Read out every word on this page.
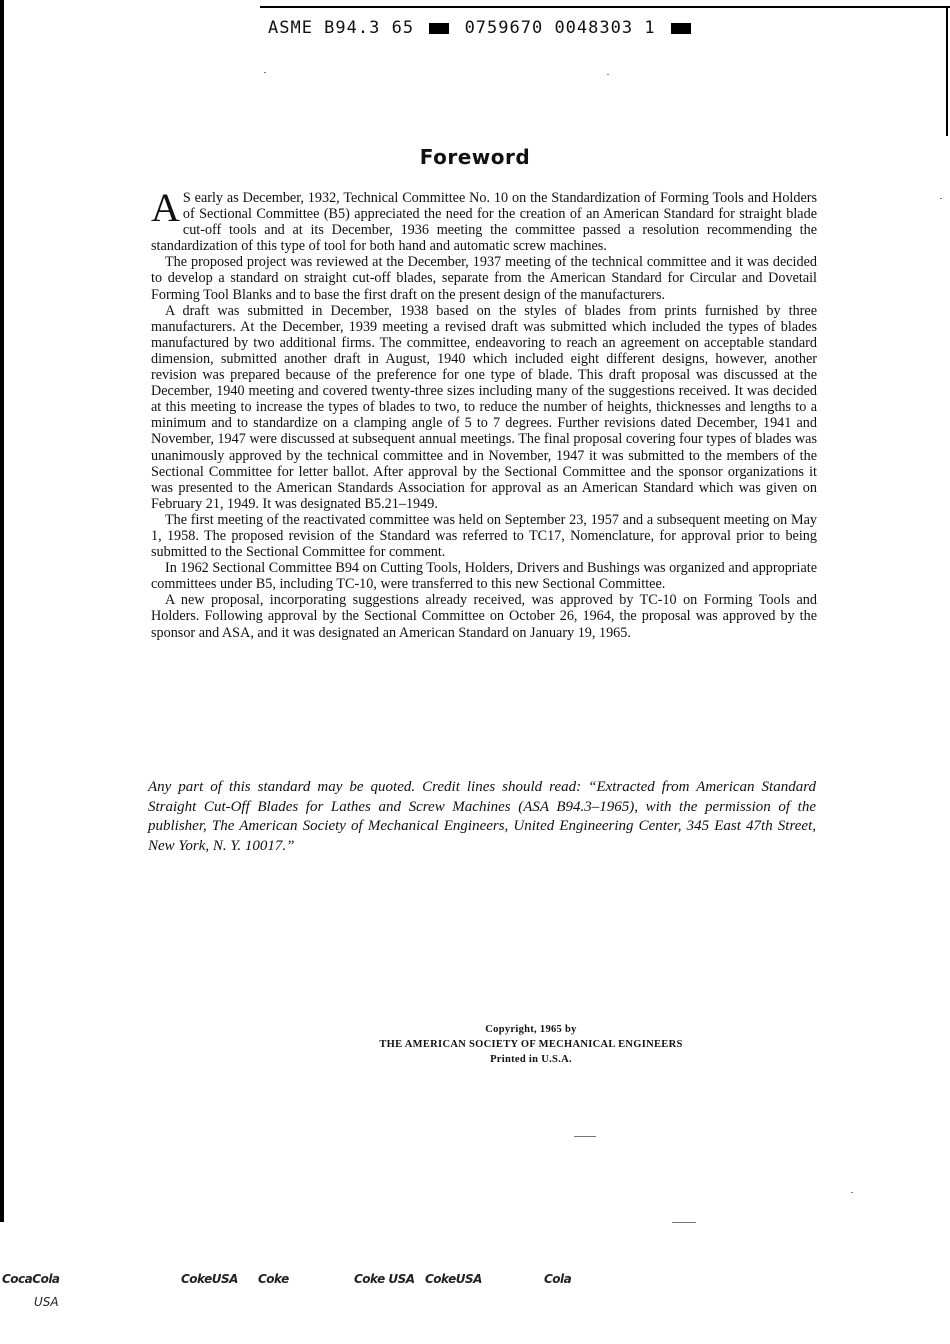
ASME B94.3 65	0759670 0048303 1
Foreword

A S early as December, 1932, Technical Committee No. 10 on the Standardization of Forming Tools and Holders of Sectional Committee (B5) appreciated the need for the creation of an American Standard for straight blade cut-off tools and at its December, 1936 meeting the committee passed a resolution recommending the standardization of this type of tool for both hand and automatic screw machines.

The proposed project was reviewed at the December, 1937 meeting of the technical committee and it was decided to develop a standard on straight cut-off blades, separate from the American Standard for Circular and Dovetail Forming Tool Blanks and to base the first draft on the present design of the manufacturers.

A draft was submitted in December, 1938 based on the styles of blades from prints furnished by three manufacturers. At the December, 1939 meeting a revised draft was submitted which included the types of blades manufactured by two additional firms. The committee, endeavoring to reach an agreement on acceptable standard dimension, submitted another draft in August, 1940 which included eight different designs, however, another revision was prepared because of the preference for one type of blade. This draft proposal was discussed at the December, 1940 meeting and covered twenty-three sizes including many of the suggestions received. It was decided at this meeting to increase the types of blades to two, to reduce the number of heights, thicknesses and lengths to a minimum and to standardize on a clamping angle of 5 to 7 degrees. Further revisions dated December, 1941 and November, 1947 were discussed at subsequent annual meetings. The final proposal covering four types of blades was unanimously approved by the technical committee and in November, 1947 it was submitted to the members of the Sectional Committee for letter ballot. After approval by the Sectional Committee and the sponsor organizations it was presented to the American Standards Association for approval as an American Standard which was given on February 21, 1949. It was designated B5.21–1949.

The first meeting of the reactivated committee was held on September 23, 1957 and a subsequent meeting on May 1, 1958. The proposed revision of the Standard was referred to TC17, Nomenclature, for approval prior to being submitted to the Sectional Committee for comment.

In 1962 Sectional Committee B94 on Cutting Tools, Holders, Drivers and Bushings was organized and appropriate committees under B5, including TC-10, were transferred to this new Sectional Committee.

A new proposal, incorporating suggestions already received, was approved by TC-10 on Forming Tools and Holders. Following approval by the Sectional Committee on October 26, 1964, the proposal was approved by the sponsor and ASA, and it was designated an American Standard on January 19, 1965.

Any part of this standard may be quoted. Credit lines should read: “Extracted from American Standard Straight Cut-Off Blades for Lathes and Screw Machines (ASA B94.3–1965), with the permission of the publisher, The American Society of Mechanical Engineers, United Engineering Center, 345 East 47th Street, New York, N. Y. 10017.”
Copyright, 1965 by
THE AMERICAN SOCIETY OF MECHANICAL ENGINEERS
Printed in U.S.A.
CocaCola	CokeUSA Coke	Coke USA CokeUSA	Cola
USA
